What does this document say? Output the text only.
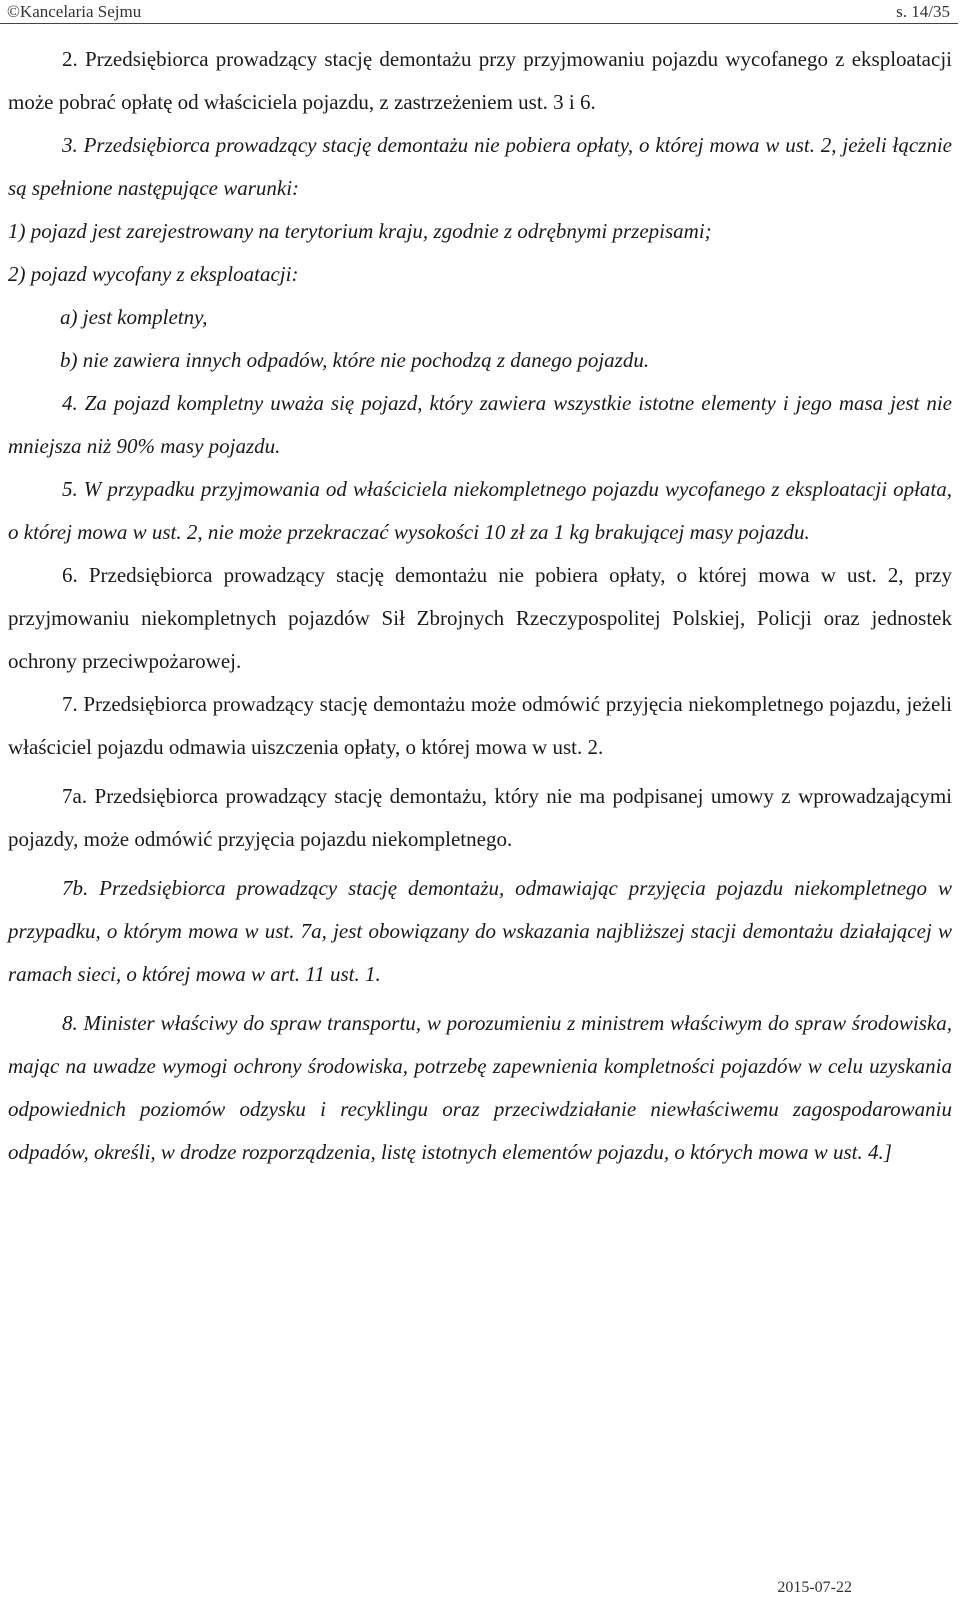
©Kancelaria Sejmu	s. 14/35

2. Przedsiębiorca prowadzący stację demontażu przy przyjmowaniu pojazdu wycofanego z eksploatacji może pobrać opłatę od właściciela pojazdu, z zastrzeżeniem ust. 3 i 6.

3. Przedsiębiorca prowadzący stację demontażu nie pobiera opłaty, o której mowa w ust. 2, jeżeli łącznie są spełnione następujące warunki:

1) pojazd jest zarejestrowany na terytorium kraju, zgodnie z odrębnymi przepisami;

2) pojazd wycofany z eksploatacji:

a) jest kompletny,

b) nie zawiera innych odpadów, które nie pochodzą z danego pojazdu.

4. Za pojazd kompletny uważa się pojazd, który zawiera wszystkie istotne elementy i jego masa jest nie mniejsza niż 90% masy pojazdu.

5. W przypadku przyjmowania od właściciela niekompletnego pojazdu wycofanego z eksploatacji opłata, o której mowa w ust. 2, nie może przekraczać wysokości 10 zł za 1 kg brakującej masy pojazdu.

6. Przedsiębiorca prowadzący stację demontażu nie pobiera opłaty, o której mowa w ust. 2, przy przyjmowaniu niekompletnych pojazdów Sił Zbrojnych Rzeczypospolitej Polskiej, Policji oraz jednostek ochrony przeciwpożarowej.

7. Przedsiębiorca prowadzący stację demontażu może odmówić przyjęcia niekompletnego pojazdu, jeżeli właściciel pojazdu odmawia uiszczenia opłaty, o której mowa w ust. 2.

7a. Przedsiębiorca prowadzący stację demontażu, który nie ma podpisanej umowy z wprowadzającymi pojazdy, może odmówić przyjęcia pojazdu niekompletnego.

7b. Przedsiębiorca prowadzący stację demontażu, odmawiając przyjęcia pojazdu niekompletnego w przypadku, o którym mowa w ust. 7a, jest obowiązany do wskazania najbliższej stacji demontażu działającej w ramach sieci, o której mowa w art. 11 ust. 1.

8. Minister właściwy do spraw transportu, w porozumieniu z ministrem właściwym do spraw środowiska, mając na uwadze wymogi ochrony środowiska, potrzebę zapewnienia kompletności pojazdów w celu uzyskania odpowiednich poziomów odzysku i recyklingu oraz przeciwdziałanie niewłaściwemu zagospodarowaniu odpadów, określi, w drodze rozporządzenia, listę istotnych elementów pojazdu, o których mowa w ust. 4.]

2015-07-22
